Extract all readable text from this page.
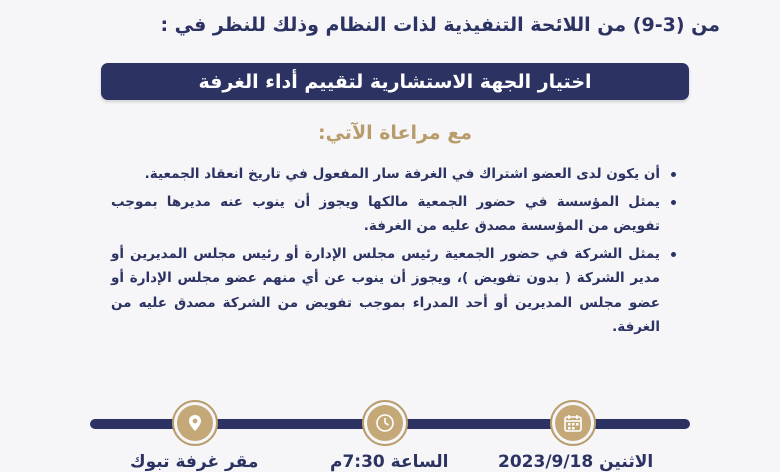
من (3-9) من اللائحة التنفيذية لذات النظام وذلك للنظر في :
اختيار الجهة الاستشارية لتقييم أداء الغرفة
مع مراعاة الآتي:
أن يكون لدى العضو اشتراك في الغرفة سار المفعول في تاريخ انعقاد الجمعية.
يمثل المؤسسة في حضور الجمعية مالكها ويجوز أن ينوب عنه مديرها بموجب تفويض من المؤسسة مصدق عليه من الغرفة.
يمثل الشركة في حضور الجمعية رئيس مجلس الإدارة أو رئيس مجلس المديرين أو مدير الشركة ( بدون تفويض )، ويجوز أن ينوب عن أي منهم عضو مجلس الإدارة أو عضو مجلس المديرين أو أحد المدراء بموجب تفويض من الشركة مصدق عليه من الغرفة.
الاثنين 2023/9/18
الساعة 7:30م
مقر غرفة تبوك
